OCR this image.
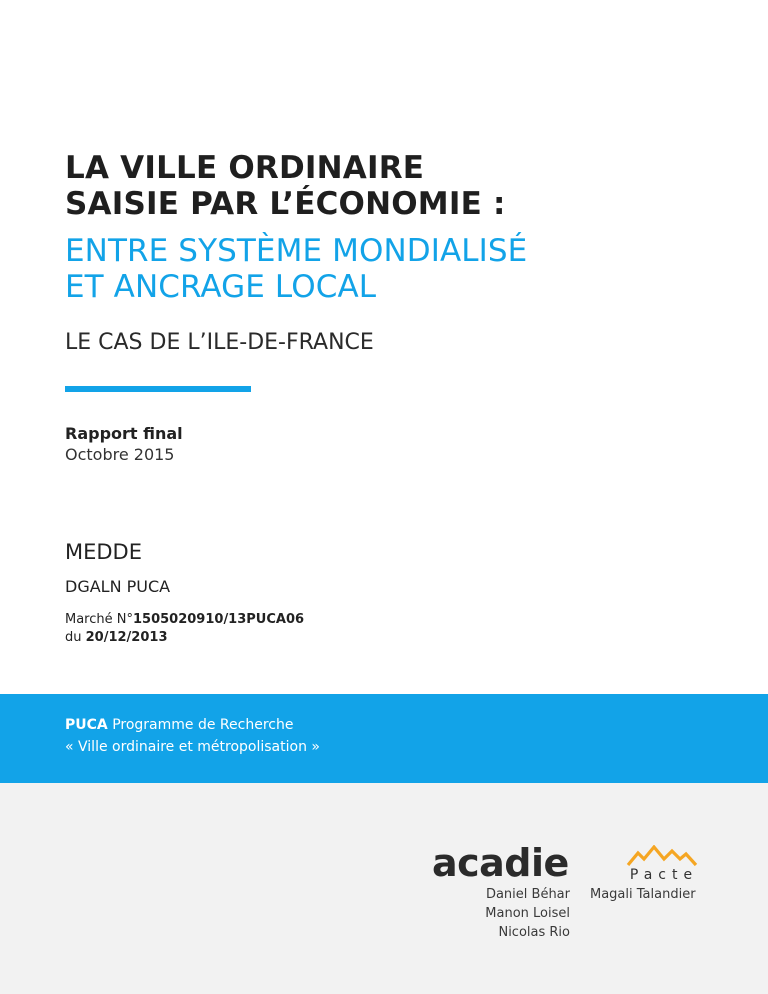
LA VILLE ORDINAIRE
SAISIE PAR L’ÉCONOMIE :
ENTRE SYSTÈME MONDIALISÉ
ET ANCRAGE LOCAL
LE CAS DE L’ILE-DE-FRANCE
Rapport final
Octobre 2015
MEDDE
DGALN PUCA
Marché N°1505020910/13PUCA06
du 20/12/2013
PUCA Programme de Recherche
« Ville ordinaire et métropolisation »
acadie
Daniel Béhar
Manon Loisel
Nicolas Rio
Pacte
Magali Talandier
